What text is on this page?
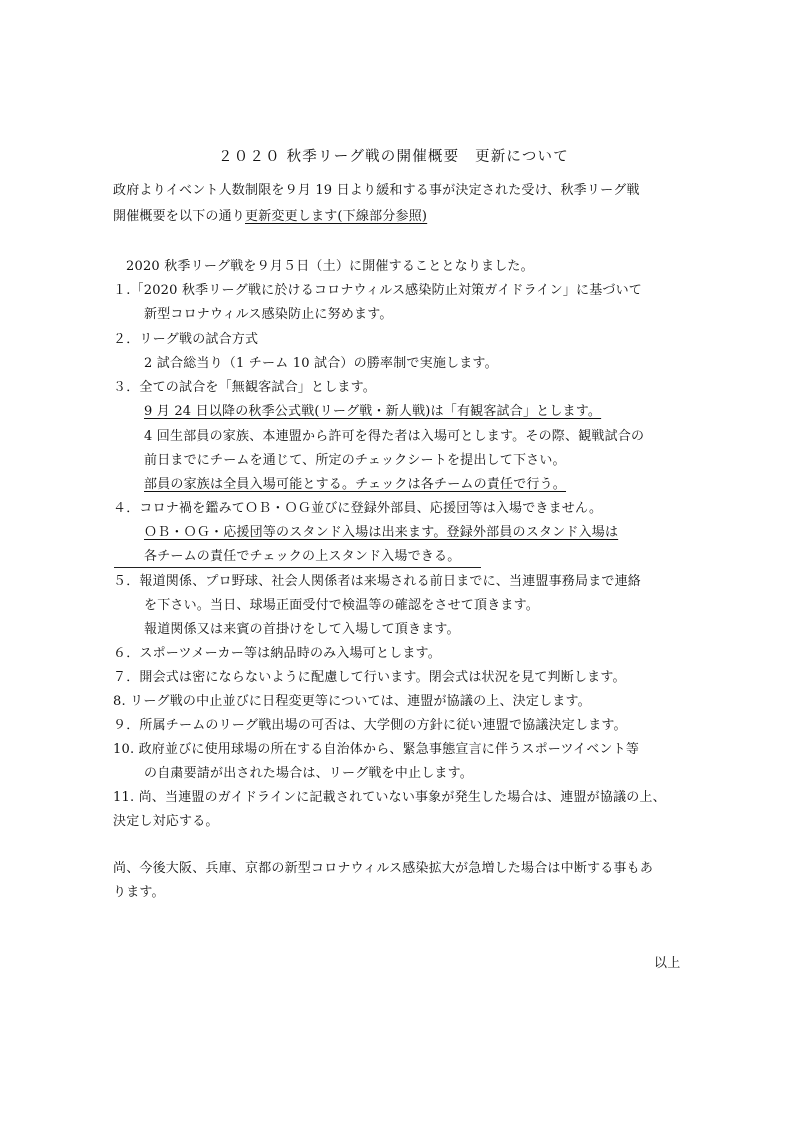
２０２０ 秋季リーグ戦の開催概要　更新について
政府よりイベント人数制限を９月 19 日より緩和する事が決定された受け、秋季リーグ戦
開催概要を以下の通り更新変更します(下線部分参照)
2020 秋季リーグ戦を９月５日（土）に開催することとなりました。
１.「2020 秋季リーグ戦に於けるコロナウィルス感染防止対策ガイドライン」に基づいて
新型コロナウィルス感染防止に努めます。
２．リーグ戦の試合方式
2 試合総当り（1 チーム 10 試合）の勝率制で実施します。
３．全ての試合を「無観客試合」とします。
9 月 24 日以降の秋季公式戦(リーグ戦・新人戦)は「有観客試合」とします。
4 回生部員の家族、本連盟から許可を得た者は入場可とします。その際、観戦試合の
前日までにチームを通じて、所定のチェックシートを提出して下さい。
部員の家族は全員入場可能とする。チェックは各チームの責任で行う。
４．コロナ禍を鑑みてＯＢ・ＯＧ並びに登録外部員、応援団等は入場できません。
ＯＢ・ＯＧ・応援団等のスタンド入場は出来ます。登録外部員のスタンド入場は
各チームの責任でチェックの上スタンド入場できる。
５．報道関係、プロ野球、社会人関係者は来場される前日までに、当連盟事務局まで連絡
を下さい。当日、球場正面受付で検温等の確認をさせて頂きます。
報道関係又は来賓の首掛けをして入場して頂きます。
６．スポーツメーカー等は納品時のみ入場可とします。
７．開会式は密にならないように配慮して行います。閉会式は状況を見て判断します。
8. リーグ戦の中止並びに日程変更等については、連盟が協議の上、決定します。
９．所属チームのリーグ戦出場の可否は、大学側の方針に従い連盟で協議決定します。
10. 政府並びに使用球場の所在する自治体から、緊急事態宣言に伴うスポーツイベント等
の自粛要請が出された場合は、リーグ戦を中止します。
11. 尚、当連盟のガイドラインに記載されていない事象が発生した場合は、連盟が協議の上、
決定し対応する。
尚、今後大阪、兵庫、京都の新型コロナウィルス感染拡大が急増した場合は中断する事もあ
ります。
以上
